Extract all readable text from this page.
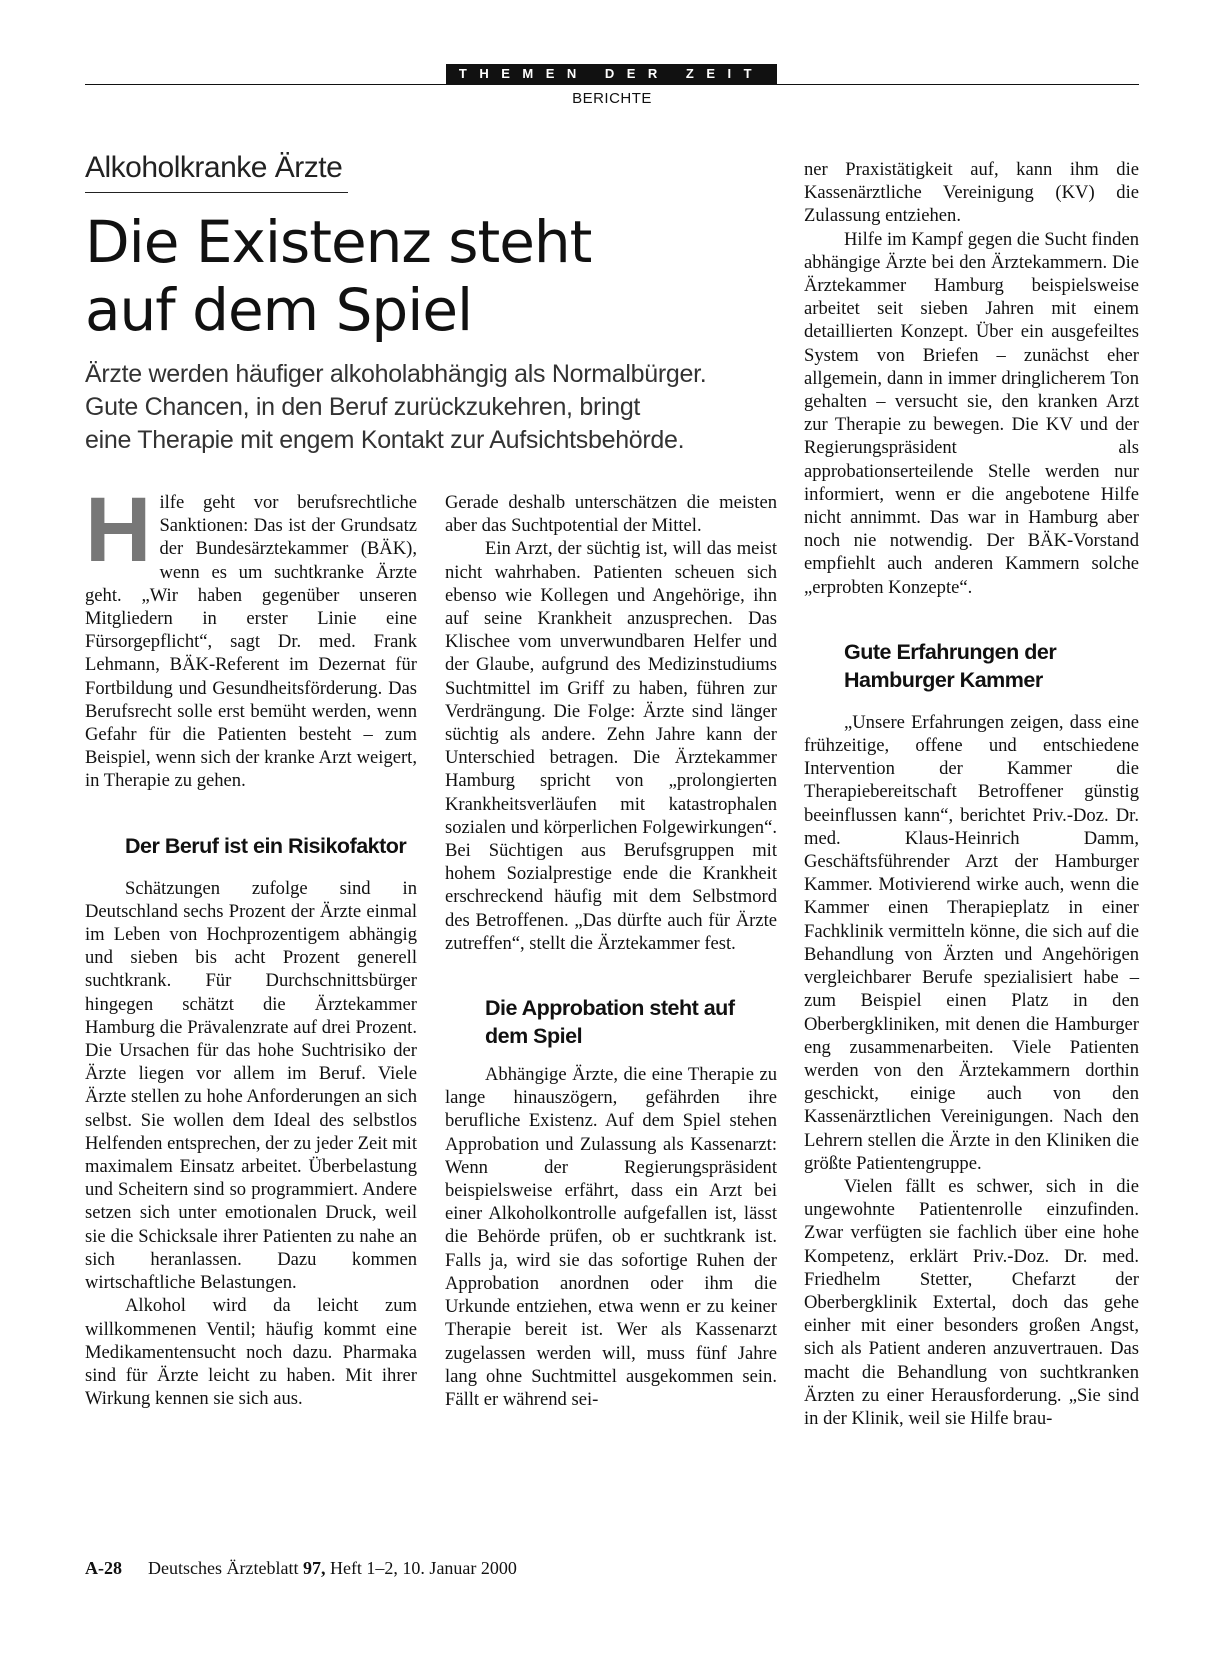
THEMEN DER ZEIT
BERICHTE
Alkoholkranke Ärzte
Die Existenz steht
auf dem Spiel
Ärzte werden häufiger alkoholabhängig als Normalbürger.
Gute Chancen, in den Beruf zurückzukehren, bringt
eine Therapie mit engem Kontakt zur Aufsichtsbehörde.

Hilfe geht vor berufsrechtliche Sanktionen: Das ist der Grundsatz der Bundesärztekammer (BÄK), wenn es um suchtkranke Ärzte geht. „Wir haben gegenüber unseren Mitgliedern in erster Linie eine Fürsorgepflicht“, sagt Dr. med. Frank Lehmann, BÄK-Referent im Dezernat für Fortbildung und Gesundheitsförderung. Das Berufsrecht solle erst bemüht werden, wenn Gefahr für die Patienten besteht – zum Beispiel, wenn sich der kranke Arzt weigert, in Therapie zu gehen.

Der Beruf ist ein Risikofaktor

Schätzungen zufolge sind in Deutschland sechs Prozent der Ärzte einmal im Leben von Hochprozentigem abhängig und sieben bis acht Prozent generell suchtkrank. Für Durchschnittsbürger hingegen schätzt die Ärztekammer Hamburg die Prävalenzrate auf drei Prozent. Die Ursachen für das hohe Suchtrisiko der Ärzte liegen vor allem im Beruf. Viele Ärzte stellen zu hohe Anforderungen an sich selbst. Sie wollen dem Ideal des selbstlos Helfenden entsprechen, der zu jeder Zeit mit maximalem Einsatz arbeitet. Überbelastung und Scheitern sind so programmiert. Andere setzen sich unter emotionalen Druck, weil sie die Schicksale ihrer Patienten zu nahe an sich heranlassen. Dazu kommen wirtschaftliche Belastungen.

Alkohol wird da leicht zum willkommenen Ventil; häufig kommt eine Medikamentensucht noch dazu. Pharmaka sind für Ärzte leicht zu haben. Mit ihrer Wirkung kennen sie sich aus.

Gerade deshalb unterschätzen die meisten aber das Suchtpotential der Mittel.

Ein Arzt, der süchtig ist, will das meist nicht wahrhaben. Patienten scheuen sich ebenso wie Kollegen und Angehörige, ihn auf seine Krankheit anzusprechen. Das Klischee vom unverwundbaren Helfer und der Glaube, aufgrund des Medizinstudiums Suchtmittel im Griff zu haben, führen zur Verdrängung. Die Folge: Ärzte sind länger süchtig als andere. Zehn Jahre kann der Unterschied betragen. Die Ärztekammer Hamburg spricht von „prolongierten Krankheitsverläufen mit katastrophalen sozialen und körperlichen Folgewirkungen“. Bei Süchtigen aus Berufsgruppen mit hohem Sozialprestige ende die Krankheit erschreckend häufig mit dem Selbstmord des Betroffenen. „Das dürfte auch für Ärzte zutreffen“, stellt die Ärztekammer fest.

Die Approbation steht auf dem Spiel

Abhängige Ärzte, die eine Therapie zu lange hinauszögern, gefährden ihre berufliche Existenz. Auf dem Spiel stehen Approbation und Zulassung als Kassenarzt: Wenn der Regierungspräsident beispielsweise erfährt, dass ein Arzt bei einer Alkoholkontrolle aufgefallen ist, lässt die Behörde prüfen, ob er suchtkrank ist. Falls ja, wird sie das sofortige Ruhen der Approbation anordnen oder ihm die Urkunde entziehen, etwa wenn er zu keiner Therapie bereit ist. Wer als Kassenarzt zugelassen werden will, muss fünf Jahre lang ohne Suchtmittel ausgekommen sein. Fällt er während sei-

ner Praxistätigkeit auf, kann ihm die Kassenärztliche Vereinigung (KV) die Zulassung entziehen.

Hilfe im Kampf gegen die Sucht finden abhängige Ärzte bei den Ärztekammern. Die Ärztekammer Hamburg beispielsweise arbeitet seit sieben Jahren mit einem detaillierten Konzept. Über ein ausgefeiltes System von Briefen – zunächst eher allgemein, dann in immer dringlicherem Ton gehalten – versucht sie, den kranken Arzt zur Therapie zu bewegen. Die KV und der Regierungspräsident als approbationserteilende Stelle werden nur informiert, wenn er die angebotene Hilfe nicht annimmt. Das war in Hamburg aber noch nie notwendig. Der BÄK-Vorstand empfiehlt auch anderen Kammern solche „erprobten Konzepte“.

Gute Erfahrungen der Hamburger Kammer

„Unsere Erfahrungen zeigen, dass eine frühzeitige, offene und entschiedene Intervention der Kammer die Therapiebereitschaft Betroffener günstig beeinflussen kann“, berichtet Priv.-Doz. Dr. med. Klaus-Heinrich Damm, Geschäftsführender Arzt der Hamburger Kammer. Motivierend wirke auch, wenn die Kammer einen Therapieplatz in einer Fachklinik vermitteln könne, die sich auf die Behandlung von Ärzten und Angehörigen vergleichbarer Berufe spezialisiert habe – zum Beispiel einen Platz in den Oberbergkliniken, mit denen die Hamburger eng zusammenarbeiten. Viele Patienten werden von den Ärztekammern dorthin geschickt, einige auch von den Kassenärztlichen Vereinigungen. Nach den Lehrern stellen die Ärzte in den Kliniken die größte Patientengruppe.

Vielen fällt es schwer, sich in die ungewohnte Patientenrolle einzufinden. Zwar verfügten sie fachlich über eine hohe Kompetenz, erklärt Priv.-Doz. Dr. med. Friedhelm Stetter, Chefarzt der Oberbergklinik Extertal, doch das gehe einher mit einer besonders großen Angst, sich als Patient anderen anzuvertrauen. Das macht die Behandlung von suchtkranken Ärzten zu einer Herausforderung. „Sie sind in der Klinik, weil sie Hilfe brau-

A-28 Deutsches Ärzteblatt 97, Heft 1–2, 10. Januar 2000
